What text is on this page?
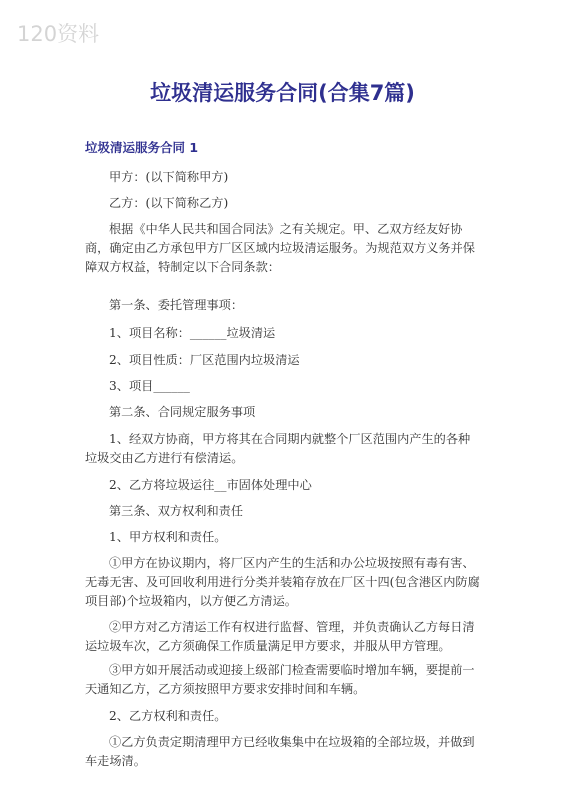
120资料
垃圾清运服务合同(合集7篇)
垃圾清运服务合同 1
甲方：(以下简称甲方)
乙方：(以下简称乙方)
根据《中华人民共和国合同法》之有关规定。甲、乙双方经友好协商，确定由乙方承包甲方厂区区域内垃圾清运服务。为规范双方义务并保障双方权益，特制定以下合同条款：
第一条、委托管理事项：
1、项目名称：______垃圾清运
2、项目性质：厂区范围内垃圾清运
3、项目______
第二条、合同规定服务事项
1、经双方协商，甲方将其在合同期内就整个厂区范围内产生的各种垃圾交由乙方进行有偿清运。
2、乙方将垃圾运往__市固体处理中心
第三条、双方权利和责任
1、甲方权利和责任。
①甲方在协议期内，将厂区内产生的生活和办公垃圾按照有毒有害、无毒无害、及可回收利用进行分类并装箱存放在厂区十四(包含港区内防腐项目部)个垃圾箱内，以方便乙方清运。
②甲方对乙方清运工作有权进行监督、管理，并负责确认乙方每日清运垃圾车次，乙方须确保工作质量满足甲方要求，并服从甲方管理。
③甲方如开展活动或迎接上级部门检查需要临时增加车辆，要提前一天通知乙方，乙方须按照甲方要求安排时间和车辆。
2、乙方权利和责任。
①乙方负责定期清理甲方已经收集集中在垃圾箱的全部垃圾，并做到车走场清。
